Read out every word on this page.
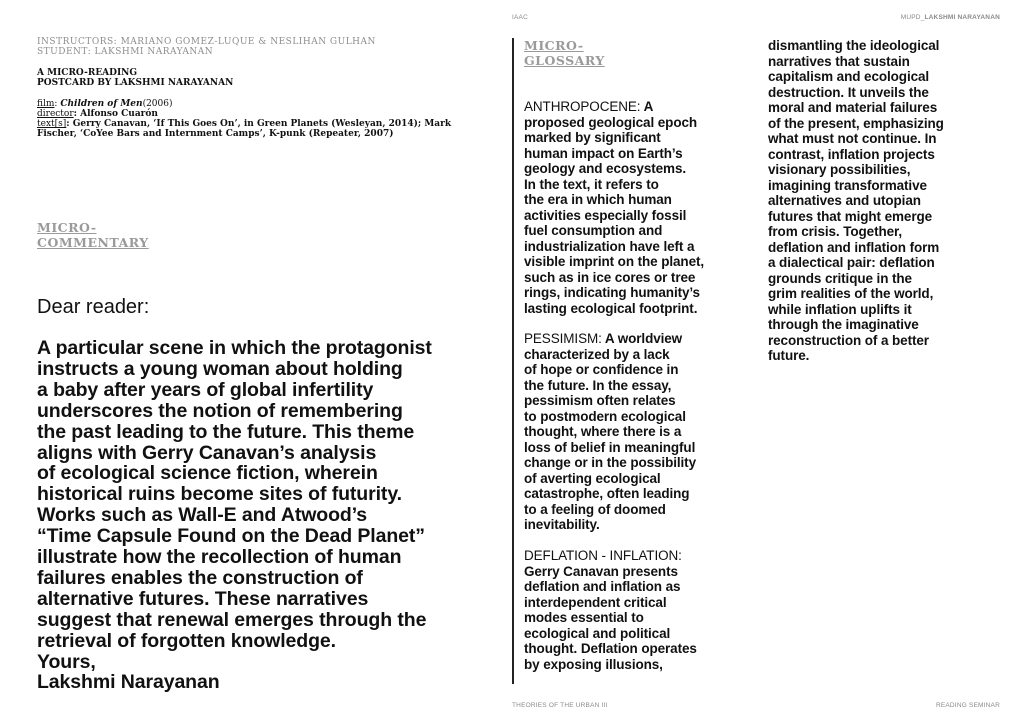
IAAC	MUPD_LAKSHMI NARAYANAN
INSTRUCTORS: MARIANO GOMEZ-LUQUE & NESLIHAN GULHAN
STUDENT: LAKSHMI NARAYANAN
A MICRO-READING
POSTCARD BY LAKSHMI NARAYANAN
film: Children of Men(2006)
director: Alfonso Cuarón
text[s]: Gerry Canavan, ‘If This Goes On’, in Green Planets (Wesleyan, 2014); Mark
Fischer, ‘CoYee Bars and Internment Camps’, K-punk (Repeater, 2007)
MICRO-
COMMENTARY
Dear reader:
A particular scene in which the protagonist
instructs a young woman about holding
a baby after years of global infertility
underscores the notion of remembering
the past leading to the future. This theme
aligns with Gerry Canavan’s analysis
of ecological science fiction, wherein
historical ruins become sites of futurity.
Works such as Wall-E and Atwood’s
“Time Capsule Found on the Dead Planet”
illustrate how the recollection of human
failures enables the construction of
alternative futures. These narratives
suggest that renewal emerges through the
retrieval of forgotten knowledge.
Yours,
Lakshmi Narayanan
MICRO-
GLOSSARY
ANTHROPOCENE: A
proposed geological epoch
marked by significant
human impact on Earth’s
geology and ecosystems.
In the text, it refers to
the era in which human
activities especially fossil
fuel consumption and
industrialization have left a
visible imprint on the planet,
such as in ice cores or tree
rings, indicating humanity’s
lasting ecological footprint.
PESSIMISM: A worldview
characterized by a lack
of hope or confidence in
the future. In the essay,
pessimism often relates
to postmodern ecological
thought, where there is a
loss of belief in meaningful
change or in the possibility
of averting ecological
catastrophe, often leading
to a feeling of doomed
inevitability.
DEFLATION - INFLATION:
Gerry Canavan presents
deflation and inflation as
interdependent critical
modes essential to
ecological and political
thought. Deflation operates
by exposing illusions,
dismantling the ideological
narratives that sustain
capitalism and ecological
destruction. It unveils the
moral and material failures
of the present, emphasizing
what must not continue. In
contrast, inflation projects
visionary possibilities,
imagining transformative
alternatives and utopian
futures that might emerge
from crisis. Together,
deflation and inflation form
a dialectical pair: deflation
grounds critique in the
grim realities of the world,
while inflation uplifts it
through the imaginative
reconstruction of a better
future.
THEORIES OF THE URBAN III	READING SEMINAR
